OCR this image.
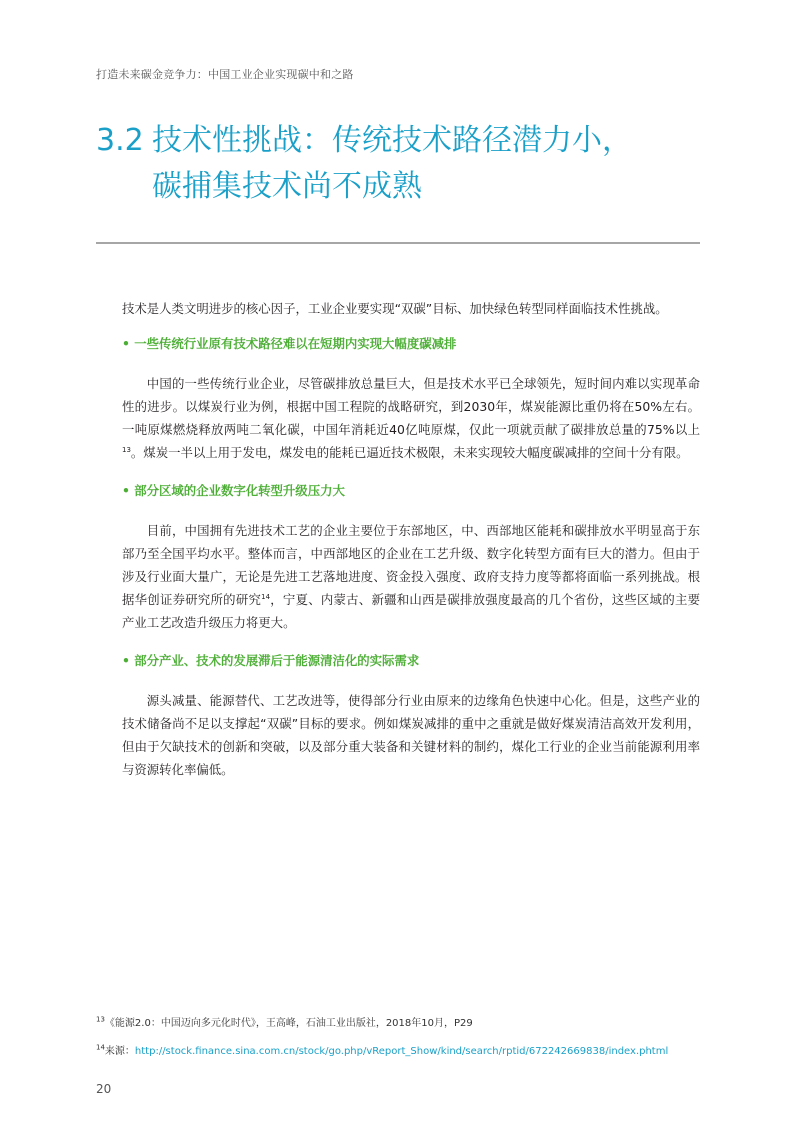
打造未来碳金竞争力：中国工业企业实现碳中和之路
3.2 技术性挑战：传统技术路径潜力小，
碳捕集技术尚不成熟

技术是人类文明进步的核心因子，工业企业要实现“双碳”目标、加快绿色转型同样面临技术性挑战。

• 一些传统行业原有技术路径难以在短期内实现大幅度碳减排

中国的一些传统行业企业，尽管碳排放总量巨大，但是技术水平已全球领先，短时间内难以实现革命性的进步。以煤炭行业为例，根据中国工程院的战略研究，到2030年，煤炭能源比重仍将在50%左右。一吨原煤燃烧释放两吨二氧化碳，中国年消耗近40亿吨原煤，仅此一项就贡献了碳排放总量的75%以上$^{13}$。煤炭一半以上用于发电，煤发电的能耗已逼近技术极限，未来实现较大幅度碳减排的空间十分有限。

• 部分区域的企业数字化转型升级压力大

目前，中国拥有先进技术工艺的企业主要位于东部地区，中、西部地区能耗和碳排放水平明显高于东部乃至全国平均水平。整体而言，中西部地区的企业在工艺升级、数字化转型方面有巨大的潜力。但由于涉及行业面大量广，无论是先进工艺落地进度、资金投入强度、政府支持力度等都将面临一系列挑战。根据华创证券研究所的研究$^{14}$，宁夏、内蒙古、新疆和山西是碳排放强度最高的几个省份，这些区域的主要产业工艺改造升级压力将更大。

• 部分产业、技术的发展滞后于能源清洁化的实际需求

源头减量、能源替代、工艺改进等，使得部分行业由原来的边缘角色快速中心化。但是，这些产业的技术储备尚不足以支撑起“双碳”目标的要求。例如煤炭减排的重中之重就是做好煤炭清洁高效开发利用，但由于欠缺技术的创新和突破，以及部分重大装备和关键材料的制约，煤化工行业的企业当前能源利用率与资源转化率偏低。

$^{13}$《能源2.0：中国迈向多元化时代》，王高峰，石油工业出版社，2018年10月，P29

$^{14}$来源：http://stock.finance.sina.com.cn/stock/go.php/vReport_Show/kind/search/rptid/672242669838/index.phtml

20
